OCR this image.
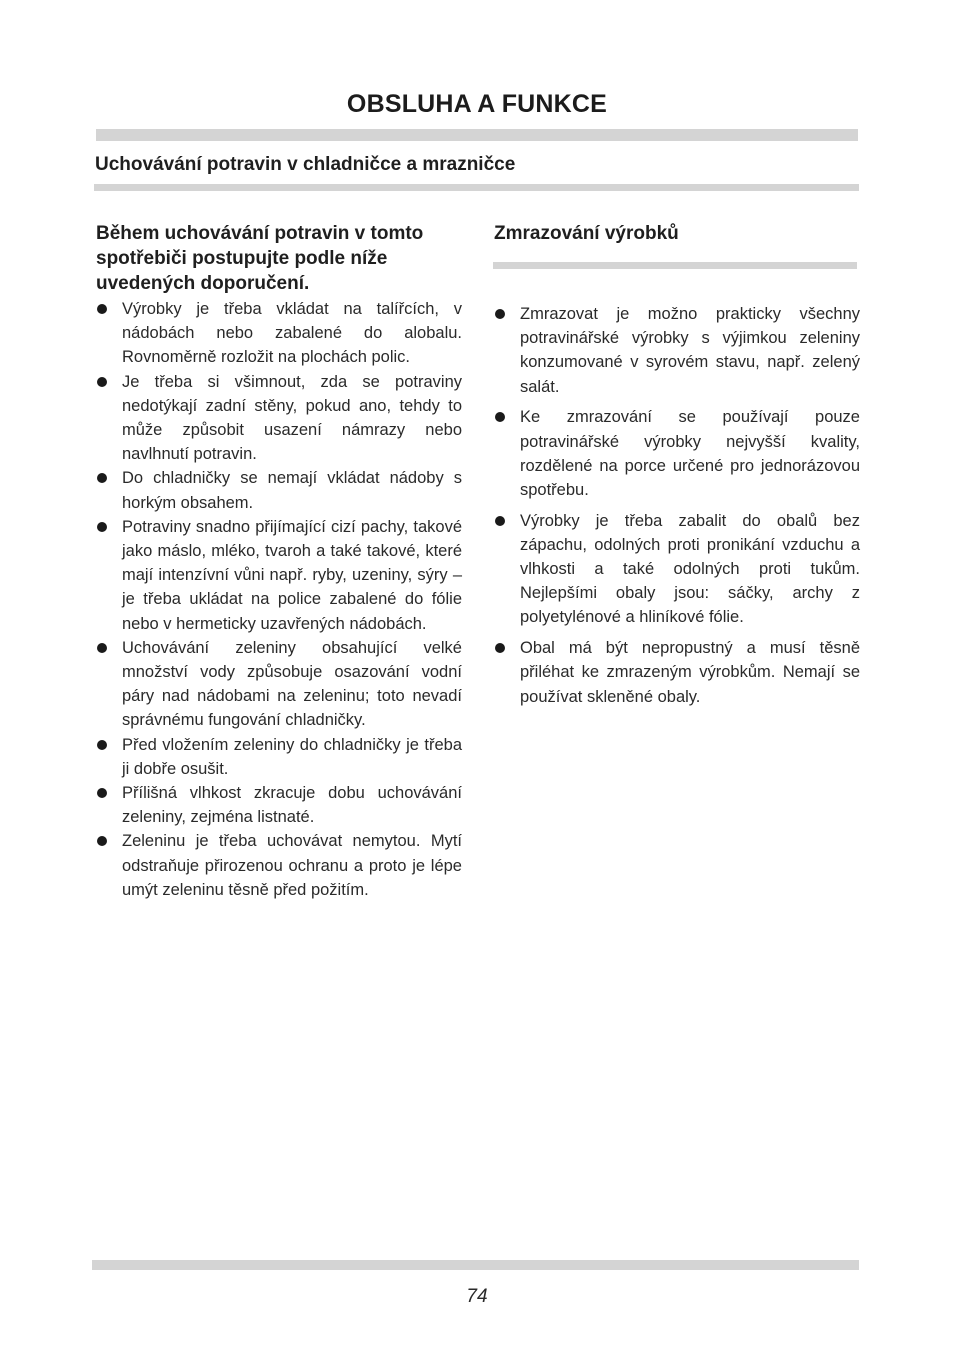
OBSLUHA A FUNKCE
Uchovávání potravin v chladničce a mrazničce
Během uchovávání potravin v tomto spotřebiči postupujte podle níže uvedených doporučení.
Výrobky je třeba vkládat na talířcích, v nádobách nebo zabalené do alobalu. Rovnoměrně rozložit na plochách polic.
Je třeba si všimnout, zda se potraviny nedotýkají zadní stěny, pokud ano, tehdy to může způsobit usazení námrazy nebo navlhnutí potravin.
Do chladničky se nemají vkládat nádoby s horkým obsahem.
Potraviny snadno přijímající cizí pachy, takové jako máslo, mléko, tvaroh a také takové, které mají intenzívní vůni např. ryby, uzeniny, sýry – je třeba ukládat na police zabalené do fólie nebo v hermeticky uzavřených nádobách.
Uchovávání zeleniny obsahující velké množství vody způsobuje osazování vodní páry nad nádobami na zeleninu; toto nevadí správnému fungování chladničky.
Před vložením zeleniny do chladničky je třeba ji dobře osušit.
Přílišná vlhkost zkracuje dobu uchovávání zeleniny, zejména listnaté.
Zeleninu je třeba uchovávat nemytou. Mytí odstraňuje přirozenou ochranu a proto je lépe umýt zeleninu těsně před požitím.
Zmrazování výrobků
Zmrazovat je možno prakticky všechny potravinářské výrobky s výjimkou zeleniny konzumované v syrovém stavu, např. zelený salát.
Ke zmrazování se používají pouze potravinářské výrobky nejvyšší kvality, rozdělené na porce určené pro jednorázovou spotřebu.
Výrobky je třeba zabalit do obalů bez zápachu, odolných proti pronikání vzduchu a vlhkosti a také odolných proti tukům. Nejlepšími obaly jsou: sáčky, archy z polyetylénové a hliníkové fólie.
Obal má být nepropustný a musí těsně přiléhat ke zmrazeným výrobkům. Nemají se používat skleněné obaly.
74
